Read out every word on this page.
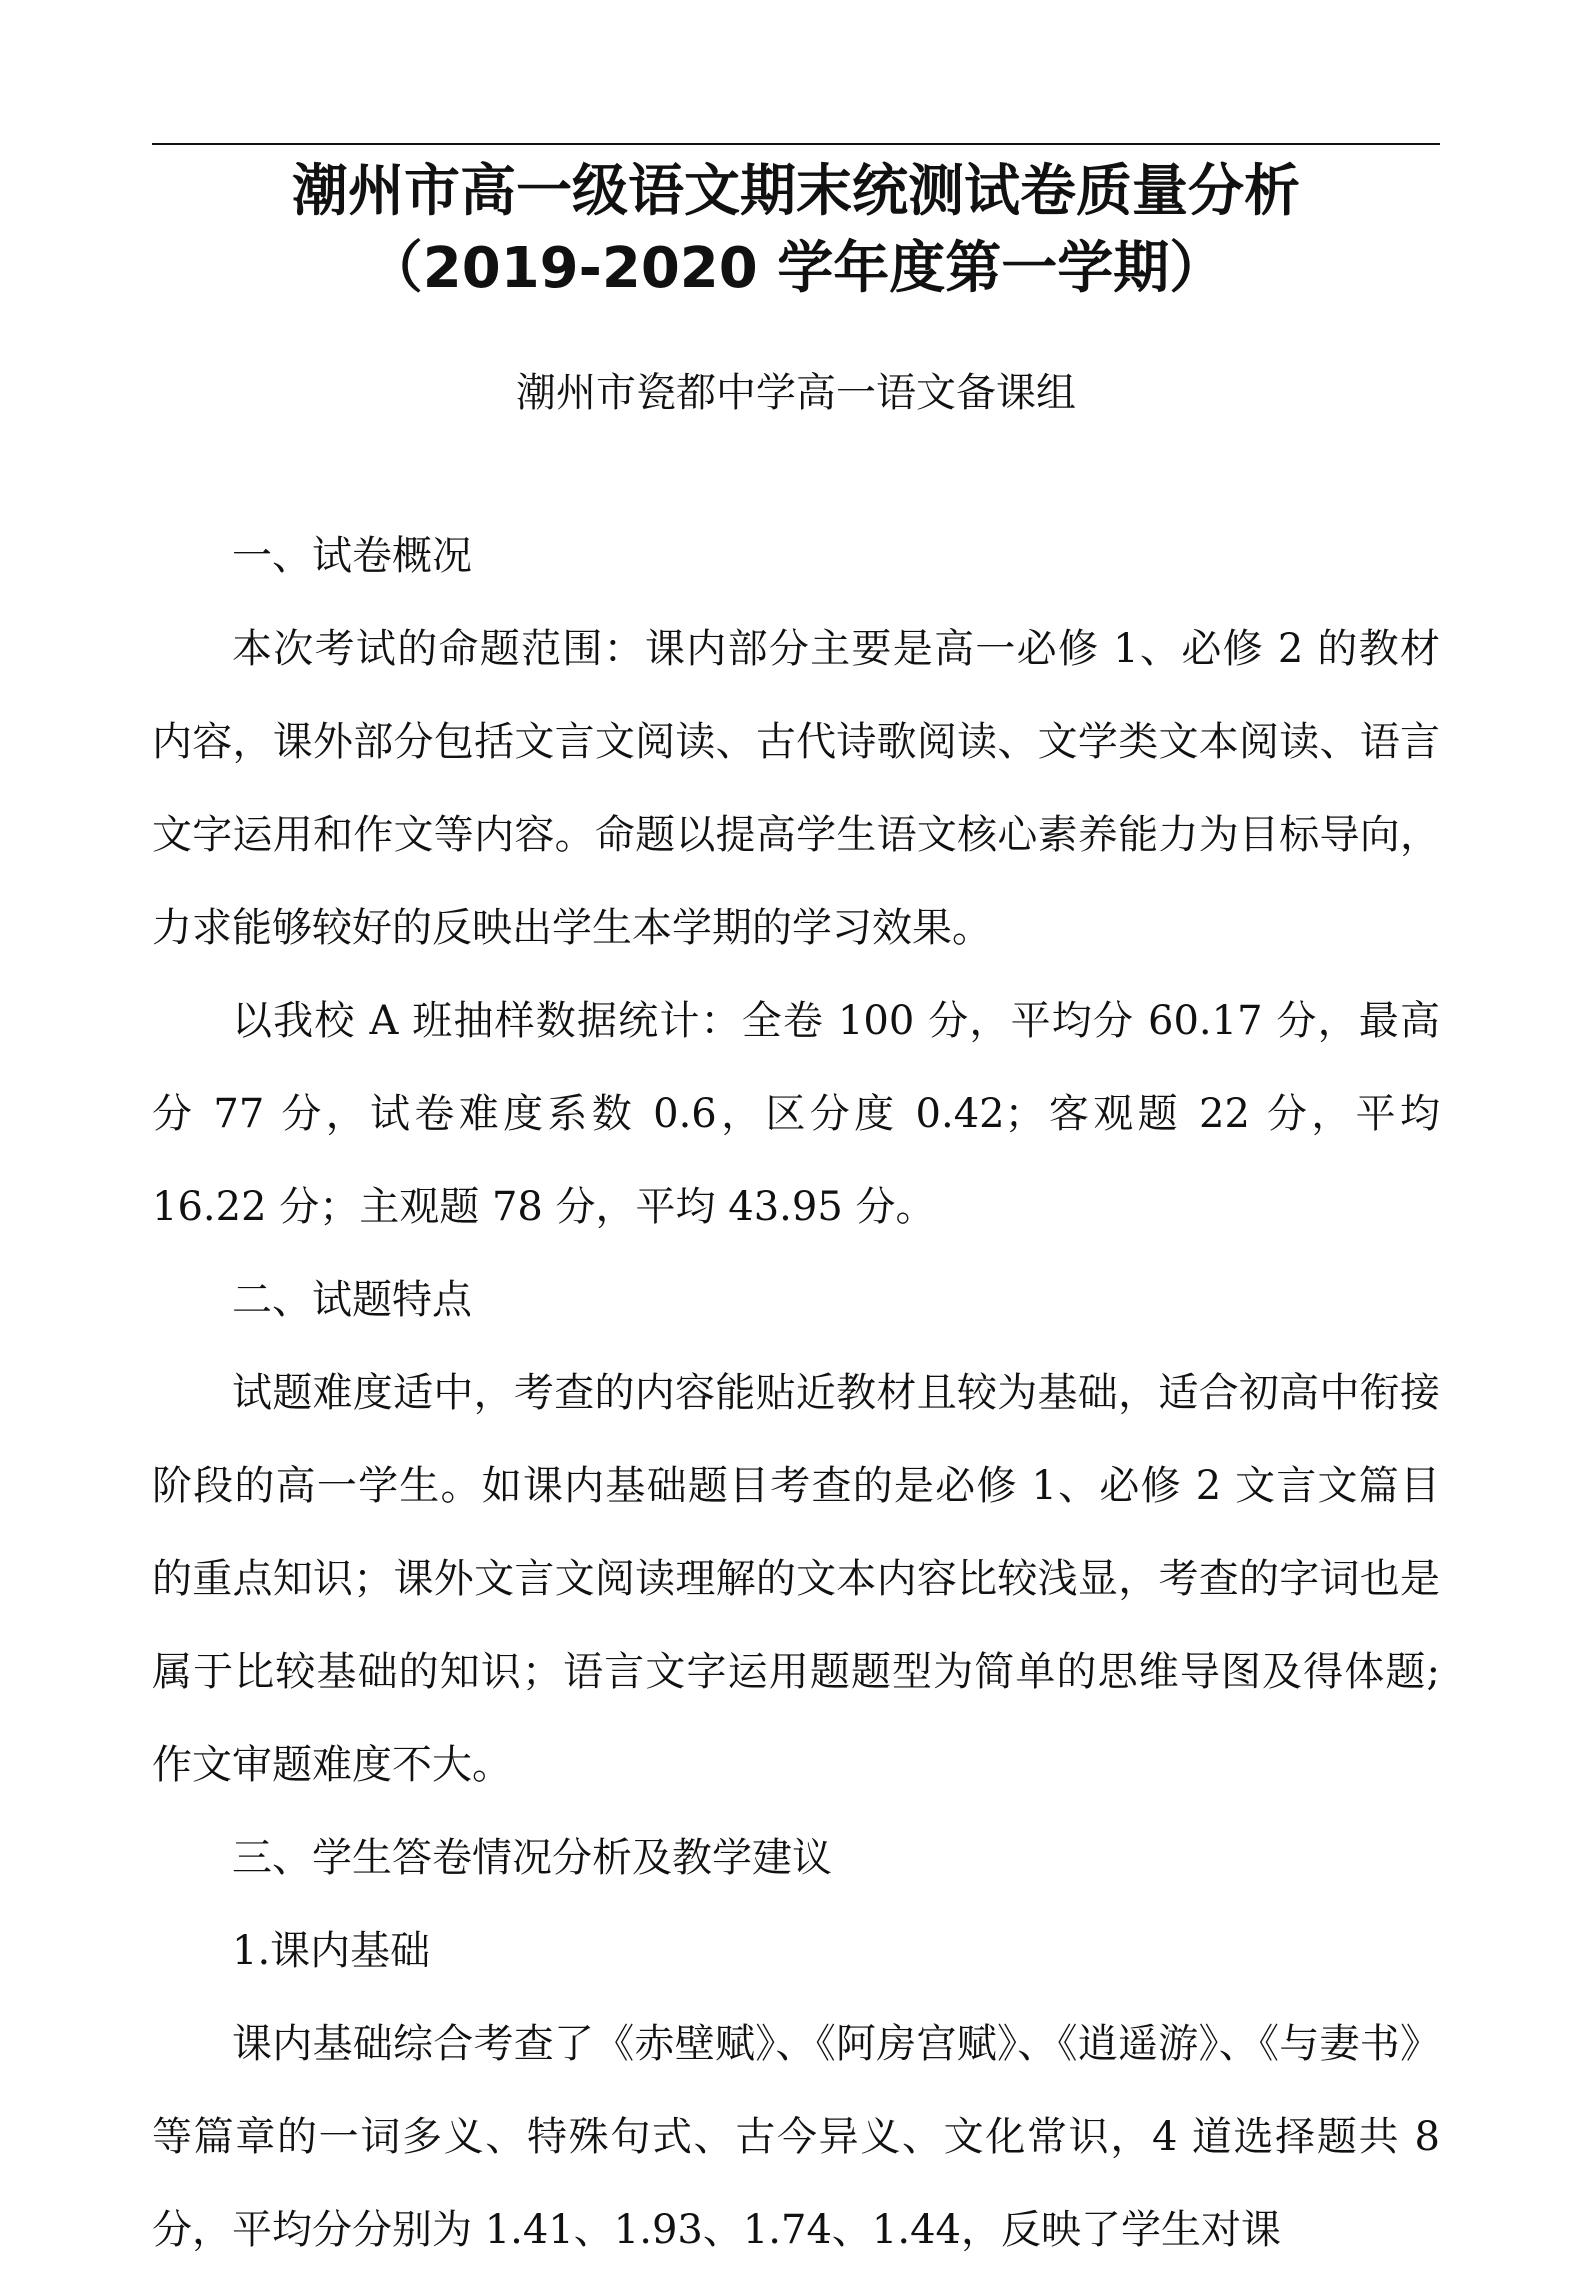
潮州市高一级语文期末统测试卷质量分析
（2019-2020 学年度第一学期）

潮州市瓷都中学高一语文备课组

一、试卷概况

本次考试的命题范围：课内部分主要是高一必修 1、必修 2 的教材内容，课外部分包括文言文阅读、古代诗歌阅读、文学类文本阅读、语言文字运用和作文等内容。命题以提高学生语文核心素养能力为目标导向，力求能够较好的反映出学生本学期的学习效果。

以我校 A 班抽样数据统计：全卷 100 分，平均分 60.17 分，最高分 77 分，试卷难度系数 0.6，区分度 0.42；客观题 22 分，平均 16.22 分；主观题 78 分，平均 43.95 分。

二、试题特点

试题难度适中，考查的内容能贴近教材且较为基础，适合初高中衔接阶段的高一学生。如课内基础题目考查的是必修 1、必修 2 文言文篇目的重点知识；课外文言文阅读理解的文本内容比较浅显，考查的字词也是属于比较基础的知识；语言文字运用题题型为简单的思维导图及得体题;作文审题难度不大。

三、学生答卷情况分析及教学建议

1.课内基础

课内基础综合考查了《赤壁赋》、《阿房宫赋》、《逍遥游》、《与妻书》等篇章的一词多义、特殊句式、古今异义、文化常识，4 道选择题共 8 分，平均分分别为 1.41、1.93、1.74、1.44，反映了学生对课
